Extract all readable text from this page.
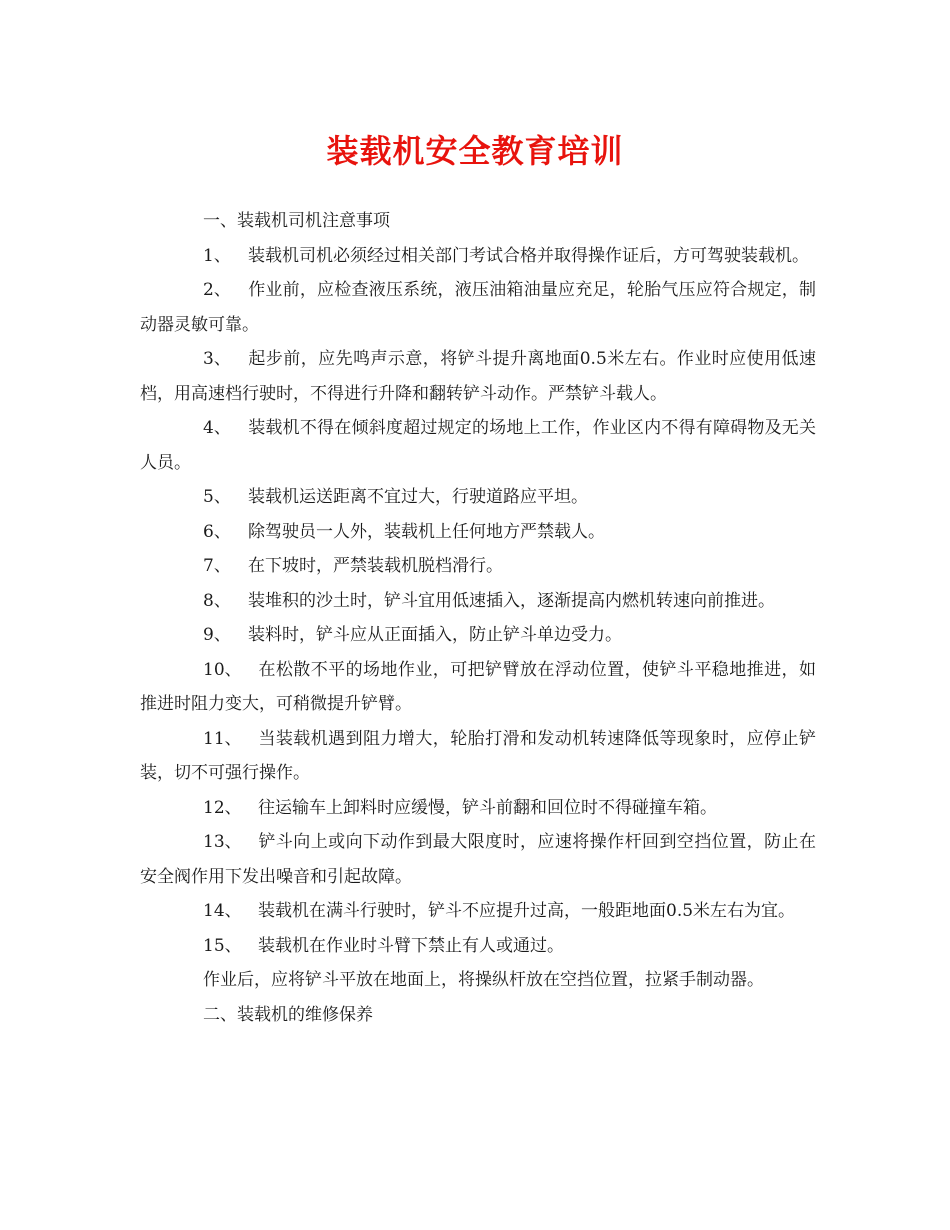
装载机安全教育培训

一、装载机司机注意事项

1、 装载机司机必须经过相关部门考试合格并取得操作证后，方可驾驶装载机。

2、 作业前，应检查液压系统，液压油箱油量应充足，轮胎气压应符合规定，制动器灵敏可靠。

3、 起步前，应先鸣声示意，将铲斗提升离地面0.5米左右。作业时应使用低速档，用高速档行驶时，不得进行升降和翻转铲斗动作。严禁铲斗载人。

4、 装载机不得在倾斜度超过规定的场地上工作，作业区内不得有障碍物及无关人员。

5、 装载机运送距离不宜过大，行驶道路应平坦。

6、 除驾驶员一人外，装载机上任何地方严禁载人。

7、 在下坡时，严禁装载机脱档滑行。

8、 装堆积的沙土时，铲斗宜用低速插入，逐渐提高内燃机转速向前推进。

9、 装料时，铲斗应从正面插入，防止铲斗单边受力。

10、 在松散不平的场地作业，可把铲臂放在浮动位置，使铲斗平稳地推进，如推进时阻力变大，可稍微提升铲臂。

11、 当装载机遇到阻力增大，轮胎打滑和发动机转速降低等现象时，应停止铲装，切不可强行操作。

12、 往运输车上卸料时应缓慢，铲斗前翻和回位时不得碰撞车箱。

13、 铲斗向上或向下动作到最大限度时，应速将操作杆回到空挡位置，防止在安全阀作用下发出噪音和引起故障。

14、 装载机在满斗行驶时，铲斗不应提升过高，一般距地面0.5米左右为宜。

15、 装载机在作业时斗臂下禁止有人或通过。

作业后，应将铲斗平放在地面上，将操纵杆放在空挡位置，拉紧手制动器。

二、装载机的维修保养
